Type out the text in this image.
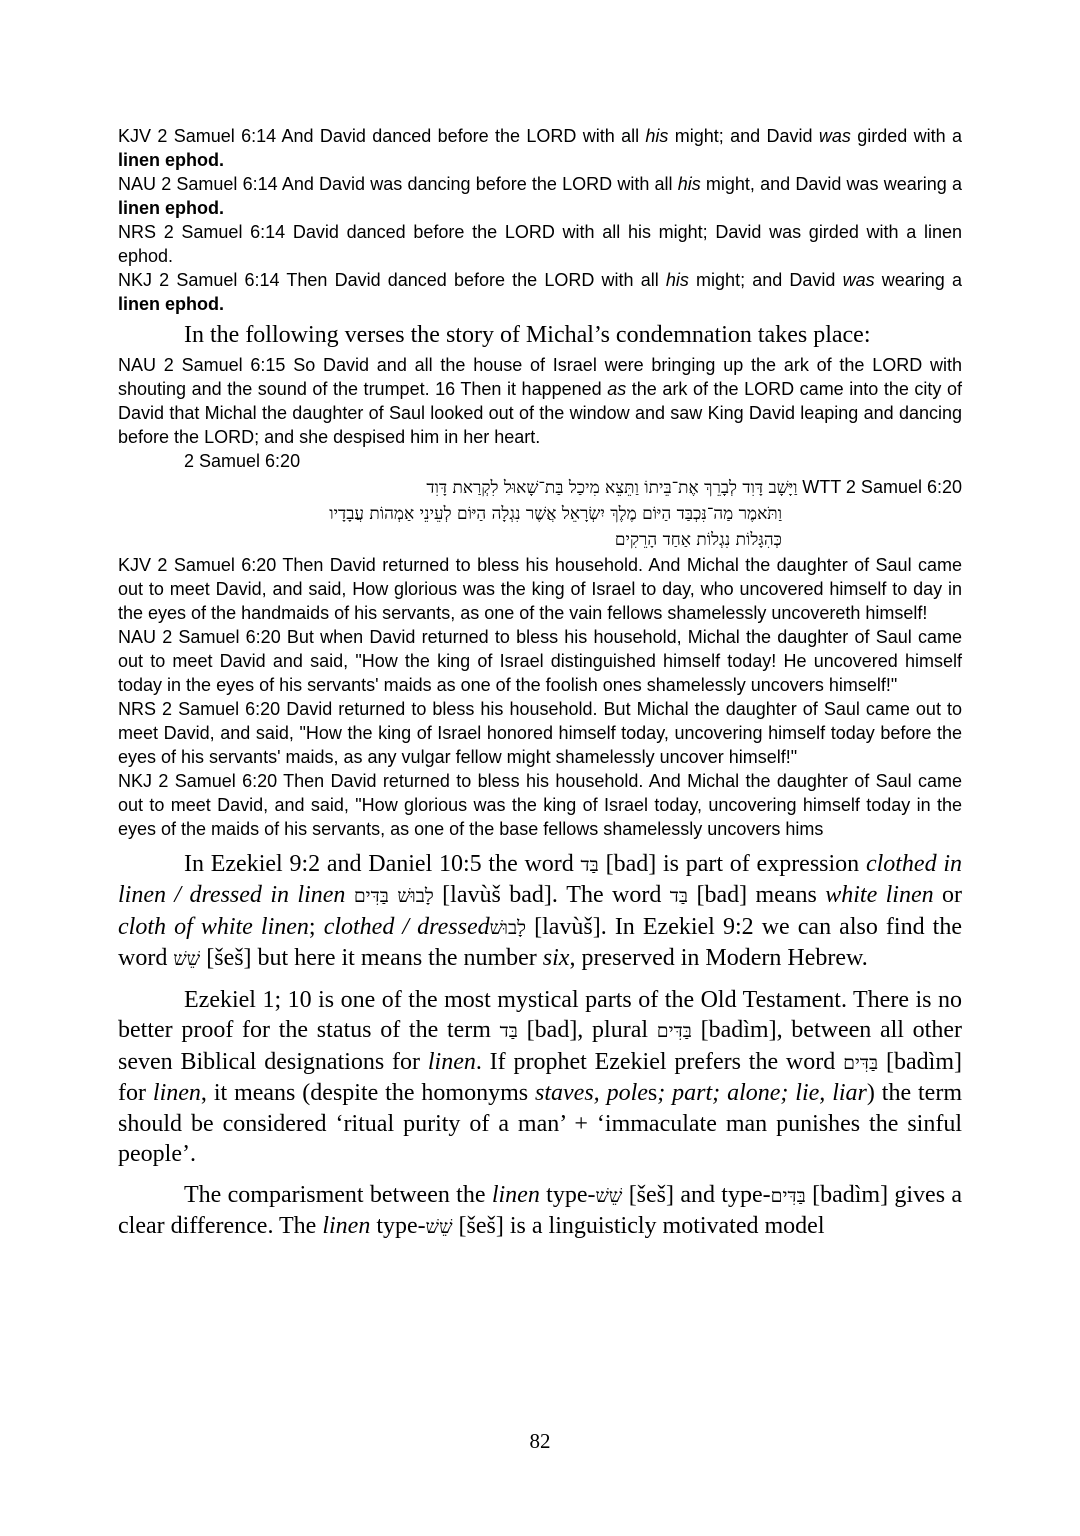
KJV 2 Samuel 6:14 And David danced before the LORD with all his might; and David was girded with a linen ephod.

NAU 2 Samuel 6:14 And David was dancing before the LORD with all his might, and David was wearing a linen ephod.

NRS 2 Samuel 6:14 David danced before the LORD with all his might; David was girded with a linen ephod.

NKJ 2 Samuel 6:14 Then David danced before the LORD with all his might; and David was wearing a linen ephod.

In the following verses the story of Michal’s condemnation takes place:

NAU 2 Samuel 6:15 So David and all the house of Israel were bringing up the ark of the LORD with shouting and the sound of the trumpet. 16 Then it happened as the ark of the LORD came into the city of David that Michal the daughter of Saul looked out of the window and saw King David leaping and dancing before the LORD; and she despised him in her heart.

2 Samuel 6:20

וַיָּשָׁב דָּוִד לְבָרֵךְ אֶת־בֵּיתוֹ וַתֵּצֵא מִיכַל בַּת־שָׁאוּל לִקְרַאת דָּוִד WTT 2 Samuel 6:20

וַתֹּאמֶר מַה־נִּכְבַּד הַיּוֹם מֶלֶךְ יִשְׂרָאֵל אֲשֶׁר נִגְלָה הַיּוֹם לְעֵינֵי אַמְהוֹת עֲבָדָיו

כְּהִגָּלוֹת נִגְלוֹת אַחַד הָרֵקִים

KJV 2 Samuel 6:20 Then David returned to bless his household. And Michal the daughter of Saul came out to meet David, and said, How glorious was the king of Israel to day, who uncovered himself to day in the eyes of the handmaids of his servants, as one of the vain fellows shamelessly uncovereth himself!

NAU 2 Samuel 6:20 But when David returned to bless his household, Michal the daughter of Saul came out to meet David and said, "How the king of Israel distinguished himself today! He uncovered himself today in the eyes of his servants' maids as one of the foolish ones shamelessly uncovers himself!"

NRS 2 Samuel 6:20 David returned to bless his household. But Michal the daughter of Saul came out to meet David, and said, "How the king of Israel honored himself today, uncovering himself today before the eyes of his servants' maids, as any vulgar fellow might shamelessly uncover himself!"

NKJ 2 Samuel 6:20 Then David returned to bless his household. And Michal the daughter of Saul came out to meet David, and said, "How glorious was the king of Israel today, uncovering himself today in the eyes of the maids of his servants, as one of the base fellows shamelessly uncovers hims

In Ezekiel 9:2 and Daniel 10:5 the word בַּד [bad] is part of expression clothed in linen / dressed in linen לָבוּשׁ בַּדִּים [lavùš bad]. The word בַּד [bad] means white linen or cloth of white linen; clothed / dressedלָבוּשׁ [lavùš]. In Ezekiel 9:2 we can also find the word שֵׁשׁ [šeš] but here it means the number six, preserved in Modern Hebrew.

Ezekiel 1; 10 is one of the most mystical parts of the Old Testament. There is no better proof for the status of the term בַּד [bad], plural בַּדִּים [badìm], between all other seven Biblical designations for linen. If prophet Ezekiel prefers the word בַּדִּים [badìm] for linen, it means (despite the homonyms staves, poles; part; alone; lie, liar) the term should be considered ‘ritual purity of a man’ + ‘immaculate man punishes the sinful people’.

The comparisment between the linen type-שֵׁשׁ [šeš] and type-בַּדִּים [badìm] gives a clear difference. The linen type-שֵׁשׁ [šeš] is a linguisticly motivated model

82
